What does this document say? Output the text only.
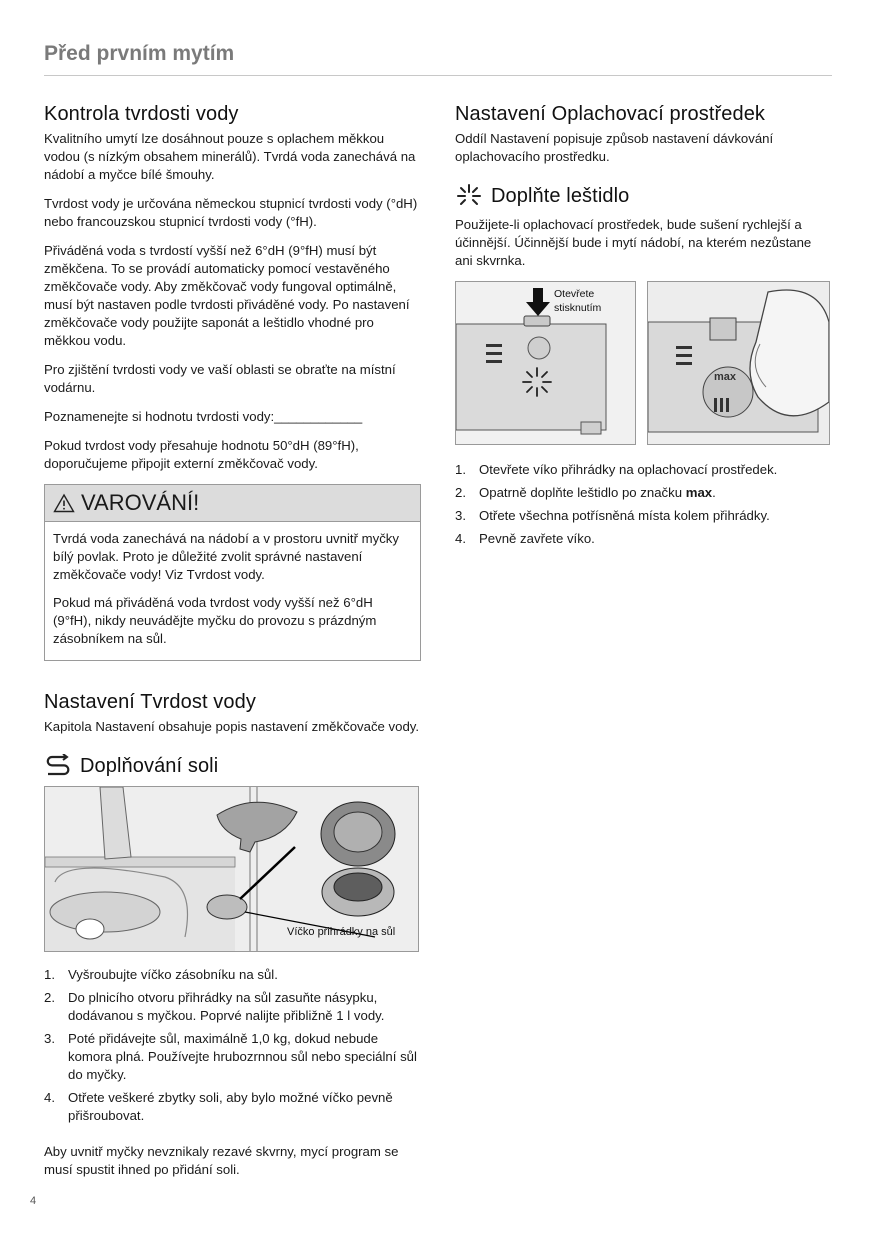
Před prvním mytím
Kontrola tvrdosti vody

Kvalitního umytí lze dosáhnout pouze s oplachem měkkou vodou (s nízkým obsahem minerálů). Tvrdá voda zanechává na nádobí a myčce bílé šmouhy.

Tvrdost vody je určována německou stupnicí tvrdosti vody (°dH) nebo francouzskou stupnicí tvrdosti vody (°fH).

Přiváděná voda s tvrdostí vyšší než 6°dH (9°fH) musí být změkčena. To se provádí automaticky pomocí vestavěného změkčovače vody. Aby změkčovač vody fungoval optimálně, musí být nastaven podle tvrdosti přiváděné vody. Po nastavení změkčovače vody použijte saponát a leštidlo vhodné pro měkkou vodu.

Pro zjištění tvrdosti vody ve vaší oblasti se obraťte na místní vodárnu.

Poznamenejte si hodnotu tvrdosti vody:____________

Pokud tvrdost vody přesahuje hodnotu 50°dH (89°fH), doporučujeme připojit externí změkčovač vody.

VAROVÁNÍ!

Tvrdá voda zanechává na nádobí a v prostoru uvnitř myčky bílý povlak. Proto je důležité zvolit správné nastavení změkčovače vody! Viz Tvrdost vody.

Pokud má přiváděná voda tvrdost vody vyšší než 6°dH (9°fH), nikdy neuvádějte myčku do provozu s prázdným zásobníkem na sůl.

Nastavení Tvrdost vody

Kapitola Nastavení obsahuje popis nastavení změkčovače vody.

Doplňování soli
Víčko přihrádky na sůl
1. Vyšroubujte víčko zásobníku na sůl.
2. Do plnicího otvoru přihrádky na sůl zasuňte násypku, dodávanou s myčkou. Poprvé nalijte přibližně 1 l vody.
3. Poté přidávejte sůl, maximálně 1,0 kg, dokud nebude komora plná. Používejte hrubozrnnou sůl nebo speciální sůl do myčky.
4. Otřete veškeré zbytky soli, aby bylo možné víčko pevně přišroubovat.

Aby uvnitř myčky nevznikaly rezavé skvrny, mycí program se musí spustit ihned po přidání soli.

Nastavení Oplachovací prostředek

Oddíl Nastavení popisuje způsob nastavení dávkování oplachovacího prostředku.

Doplňte leštidlo

Použijete-li oplachovací prostředek, bude sušení rychlejší a účinnější. Účinnější bude i mytí nádobí, na kterém nezůstane ani skvrnka.

Otevřete stisknutím
max
1. Otevřete víko přihrádky na oplachovací prostředek.
2. Opatrně doplňte leštidlo po značku max.
3. Otřete všechna potřísněná místa kolem přihrádky.
4. Pevně zavřete víko.
4
